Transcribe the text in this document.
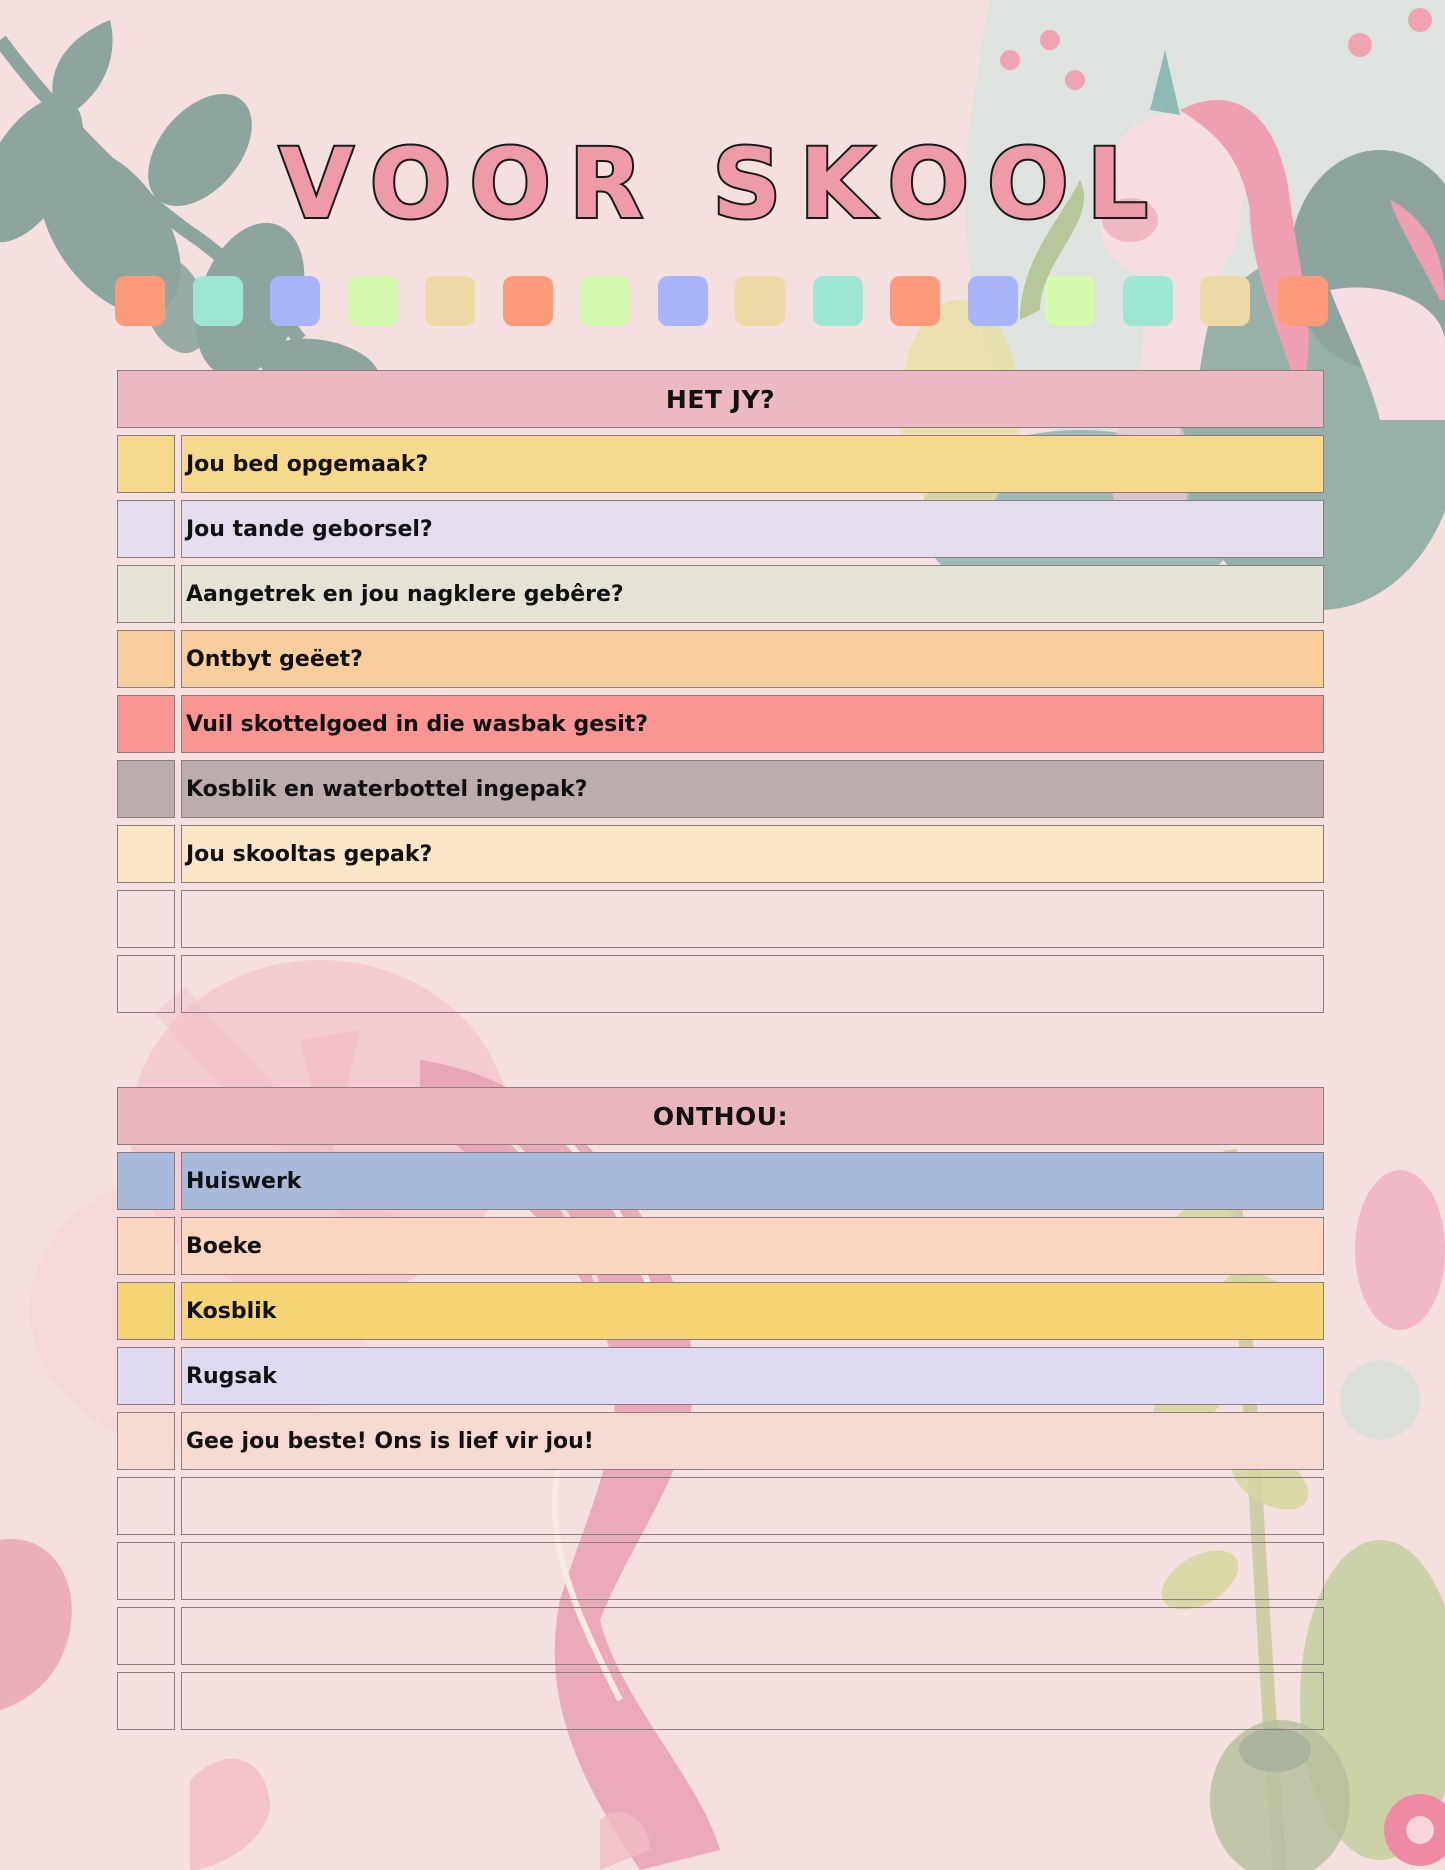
VOOR SKOOL
HET JY?
Jou bed opgemaak?
Jou tande geborsel?
Aangetrek en jou nagklere gebêre?
Ontbyt geëet?
Vuil skottelgoed in die wasbak gesit?
Kosblik en waterbottel ingepak?
Jou skooltas gepak?
ONTHOU:
Huiswerk
Boeke
Kosblik
Rugsak
Gee jou beste! Ons is lief vir jou!
